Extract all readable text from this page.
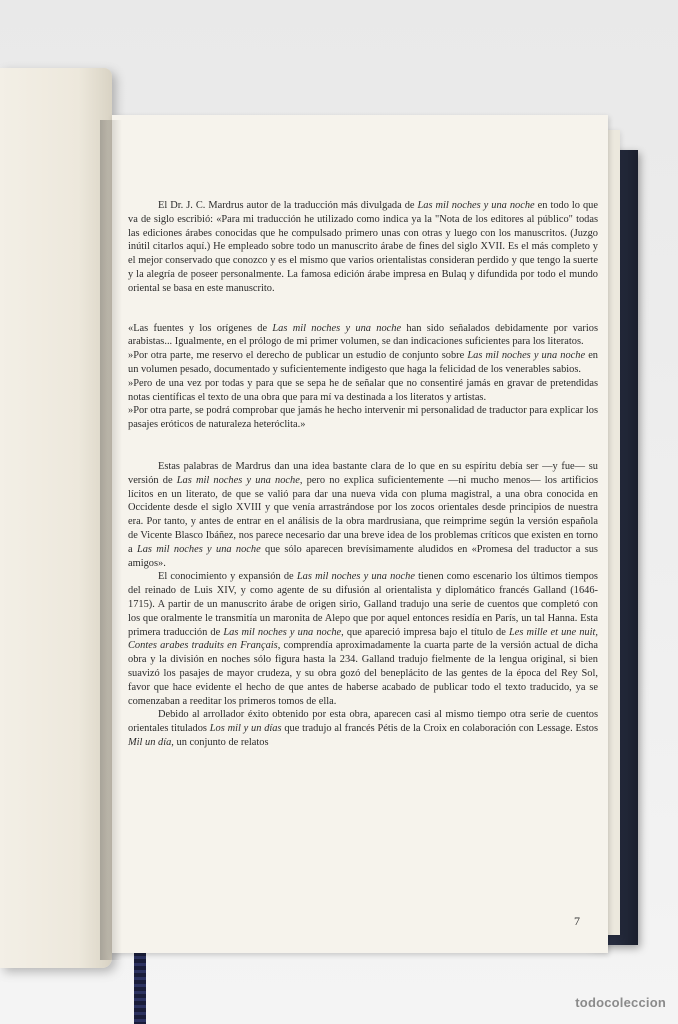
El Dr. J. C. Mardrus autor de la traducción más divulgada de Las mil noches y una noche en todo lo que va de siglo escribió: «Para mi traducción he utilizado como indica ya la "Nota de los editores al público" todas las ediciones árabes conocidas que he compulsado primero unas con otras y luego con los manuscritos. (Juzgo inútil citarlos aquí.) He empleado sobre todo un manuscrito árabe de fines del siglo XVII. Es el más completo y el mejor conservado que conozco y es el mismo que varios orientalistas consideran perdido y que tengo la suerte y la alegría de poseer personalmente. La famosa edición árabe impresa en Bulaq y difundida por todo el mundo oriental se basa en este manuscrito.

«Las fuentes y los orígenes de Las mil noches y una noche han sido señalados debidamente por varios arabistas... Igualmente, en el prólogo de mi primer volumen, se dan indicaciones suficientes para los literatos.

»Por otra parte, me reservo el derecho de publicar un estudio de conjunto sobre Las mil noches y una noche en un volumen pesado, documentado y suficientemente indigesto que haga la felicidad de los venerables sabios.

»Pero de una vez por todas y para que se sepa he de señalar que no consentiré jamás en gravar de pretendidas notas científicas el texto de una obra que para mí va destinada a los literatos y artistas.

»Por otra parte, se podrá comprobar que jamás he hecho intervenir mi personalidad de traductor para explicar los pasajes eróticos de naturaleza heteróclita.»

Estas palabras de Mardrus dan una idea bastante clara de lo que en su espíritu debía ser —y fue— su versión de Las mil noches y una noche, pero no explica suficientemente —ni mucho menos— los artificios lícitos en un literato, de que se valió para dar una nueva vida con pluma magistral, a una obra conocida en Occidente desde el siglo XVIII y que venía arrastrándose por los zocos orientales desde principios de nuestra era. Por tanto, y antes de entrar en el análisis de la obra mardrusiana, que reimprime según la versión española de Vicente Blasco Ibáñez, nos parece necesario dar una breve idea de los problemas críticos que existen en torno a Las mil noches y una noche que sólo aparecen brevísimamente aludidos en «Promesa del traductor a sus amigos».

El conocimiento y expansión de Las mil noches y una noche tienen como escenario los últimos tiempos del reinado de Luis XIV, y como agente de su difusión al orientalista y diplomático francés Galland (1646-1715). A partir de un manuscrito árabe de origen sirio, Galland tradujo una serie de cuentos que completó con los que oralmente le transmitía un maronita de Alepo que por aquel entonces residía en París, un tal Hanna. Esta primera traducción de Las mil noches y una noche, que apareció impresa bajo el título de Les mille et une nuit, Contes arabes traduits en Français, comprendía aproximadamente la cuarta parte de la versión actual de dicha obra y la división en noches sólo figura hasta la 234. Galland tradujo fielmente de la lengua original, si bien suavizó los pasajes de mayor crudeza, y su obra gozó del beneplácito de las gentes de la época del Rey Sol, favor que hace evidente el hecho de que antes de haberse acabado de publicar todo el texto traducido, ya se comenzaban a reeditar los primeros tomos de ella.

Debido al arrollador éxito obtenido por esta obra, aparecen casi al mismo tiempo otra serie de cuentos orientales titulados Los mil y un días que tradujo al francés Pétis de la Croix en colaboración con Lessage. Estos Mil un día, un conjunto de relatos

7
todocoleccion
